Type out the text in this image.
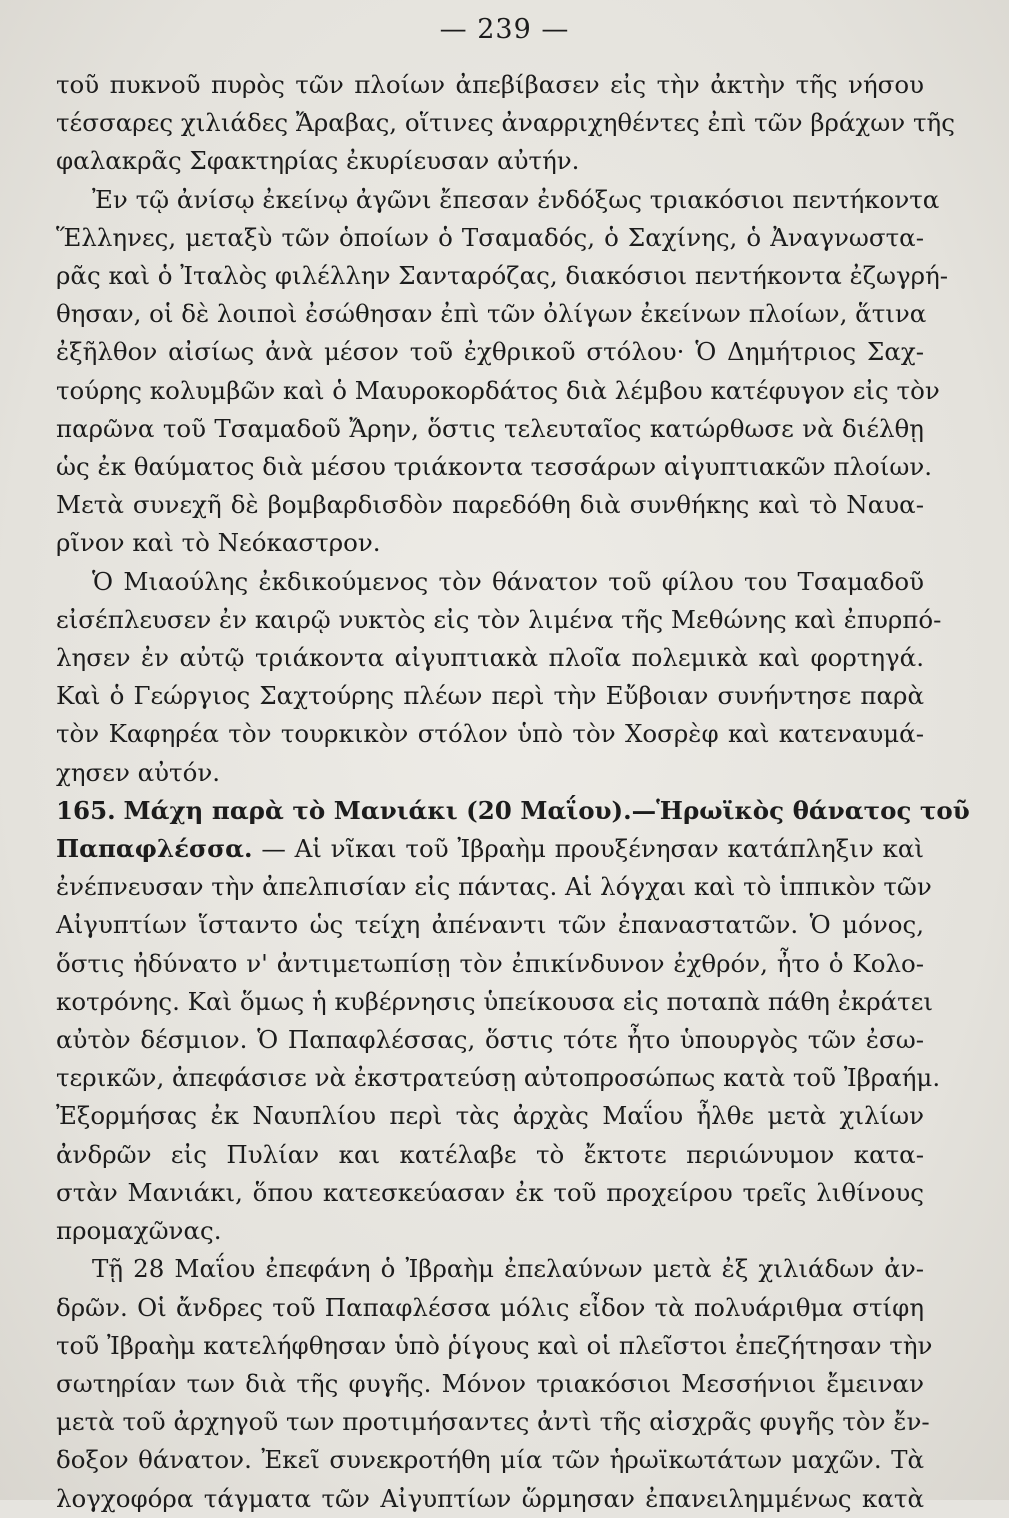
— 239 —
τοῦ πυκνοῦ πυρὸς τῶν πλοίων ἀπεβίβασεν εἰς τὴν ἀκτὴν τῆς νήσου
τέσσαρες χιλιάδες Ἄραβας, οἵτινες ἀναρριχηθέντες ἐπὶ τῶν βράχων τῆς
φαλακρᾶς Σφακτηρίας ἐκυρίευσαν αὐτήν.
Ἐν τῷ ἀνίσῳ ἐκείνῳ ἀγῶνι ἔπεσαν ἐνδόξως τριακόσιοι πεντήκοντα
Ἕλληνες, μεταξὺ τῶν ὁποίων ὁ Τσαμαδός, ὁ Σαχίνης, ὁ Ἀναγνωστα-
ρᾶς καὶ ὁ Ἰταλὸς φιλέλλην Σανταρόζας, διακόσιοι πεντήκοντα ἐζωγρή-
θησαν, οἱ δὲ λοιποὶ ἐσώθησαν ἐπὶ τῶν ὀλίγων ἐκείνων πλοίων, ἅτινα
ἐξῆλθον αἰσίως ἀνὰ μέσον τοῦ ἐχθρικοῦ στόλου· Ὁ Δημήτριος Σαχ-
τούρης κολυμβῶν καὶ ὁ Μαυροκορδάτος διὰ λέμβου κατέφυγον εἰς τὸν
παρῶνα τοῦ Τσαμαδοῦ Ἄρην, ὅστις τελευταῖος κατώρθωσε νὰ διέλθῃ
ὡς ἐκ θαύματος διὰ μέσου τριάκοντα τεσσάρων αἰγυπτιακῶν πλοίων.
Μετὰ συνεχῆ δὲ βομβαρδισδὸν παρεδόθη διὰ συνθήκης καὶ τὸ Ναυα-
ρῖνον καὶ τὸ Νεόκαστρον.
Ὁ Μιαούλης ἐκδικούμενος τὸν θάνατον τοῦ φίλου του Τσαμαδοῦ
εἰσέπλευσεν ἐν καιρῷ νυκτὸς εἰς τὸν λιμένα τῆς Μεθώνης καὶ ἐπυρπό-
λησεν ἐν αὐτῷ τριάκοντα αἰγυπτιακὰ πλοῖα πολεμικὰ καὶ φορτηγά.
Καὶ ὁ Γεώργιος Σαχτούρης πλέων περὶ τὴν Εὔβοιαν συνήντησε παρὰ
τὸν Καφηρέα τὸν τουρκικὸν στόλον ὑπὸ τὸν Χοσρὲφ καὶ κατεναυμά-
χησεν αὐτόν.
165. Μάχη παρὰ τὸ Μανιάκι (20 Μαΐου).—Ἡρωϊκὸς θάνατος τοῦ
Παπαφλέσσα. — Αἱ νῖκαι τοῦ Ἰβραὴμ προυξένησαν κατάπληξιν καὶ
ἐνέπνευσαν τὴν ἀπελπισίαν εἰς πάντας. Αἱ λόγχαι καὶ τὸ ἱππικὸν τῶν
Αἰγυπτίων ἵσταντο ὡς τείχη ἀπέναντι τῶν ἐπαναστατῶν. Ὁ μόνος,
ὅστις ἠδύνατο ν' ἀντιμετωπίσῃ τὸν ἐπικίνδυνον ἐχθρόν, ἦτο ὁ Κολο-
κοτρόνης. Καὶ ὅμως ἡ κυβέρνησις ὑπείκουσα εἰς ποταπὰ πάθη ἐκράτει
αὐτὸν δέσμιον. Ὁ Παπαφλέσσας, ὅστις τότε ἦτο ὑπουργὸς τῶν ἐσω-
τερικῶν, ἀπεφάσισε νὰ ἐκστρατεύσῃ αὐτοπροσώπως κατὰ τοῦ Ἰβραήμ.
Ἐξορμήσας ἐκ Ναυπλίου περὶ τὰς ἀρχὰς Μαΐου ἦλθε μετὰ χιλίων
ἀνδρῶν εἰς Πυλίαν και κατέλαβε τὸ ἔκτοτε περιώνυμον κατα-
στὰν Μανιάκι, ὅπου κατεσκεύασαν ἐκ τοῦ προχείρου τρεῖς λιθίνους
προμαχῶνας.
Τῇ 28 Μαΐου ἐπεφάνη ὁ Ἰβραὴμ ἐπελαύνων μετὰ ἐξ χιλιάδων ἀν-
δρῶν. Οἱ ἄνδρες τοῦ Παπαφλέσσα μόλις εἶδον τὰ πολυάριθμα στίφη
τοῦ Ἰβραὴμ κατελήφθησαν ὑπὸ ῥίγους καὶ οἱ πλεῖστοι ἐπεζήτησαν τὴν
σωτηρίαν των διὰ τῆς φυγῆς. Μόνον τριακόσιοι Μεσσήνιοι ἔμειναν
μετὰ τοῦ ἀρχηγοῦ των προτιμήσαντες ἀντὶ τῆς αἰσχρᾶς φυγῆς τὸν ἔν-
δοξον θάνατον. Ἐκεῖ συνεκροτήθη μία τῶν ἡρωϊκωτάτων μαχῶν. Τὰ
λογχοφόρα τάγματα τῶν Αἰγυπτίων ὥρμησαν ἐπανειλημμένως κατὰ
